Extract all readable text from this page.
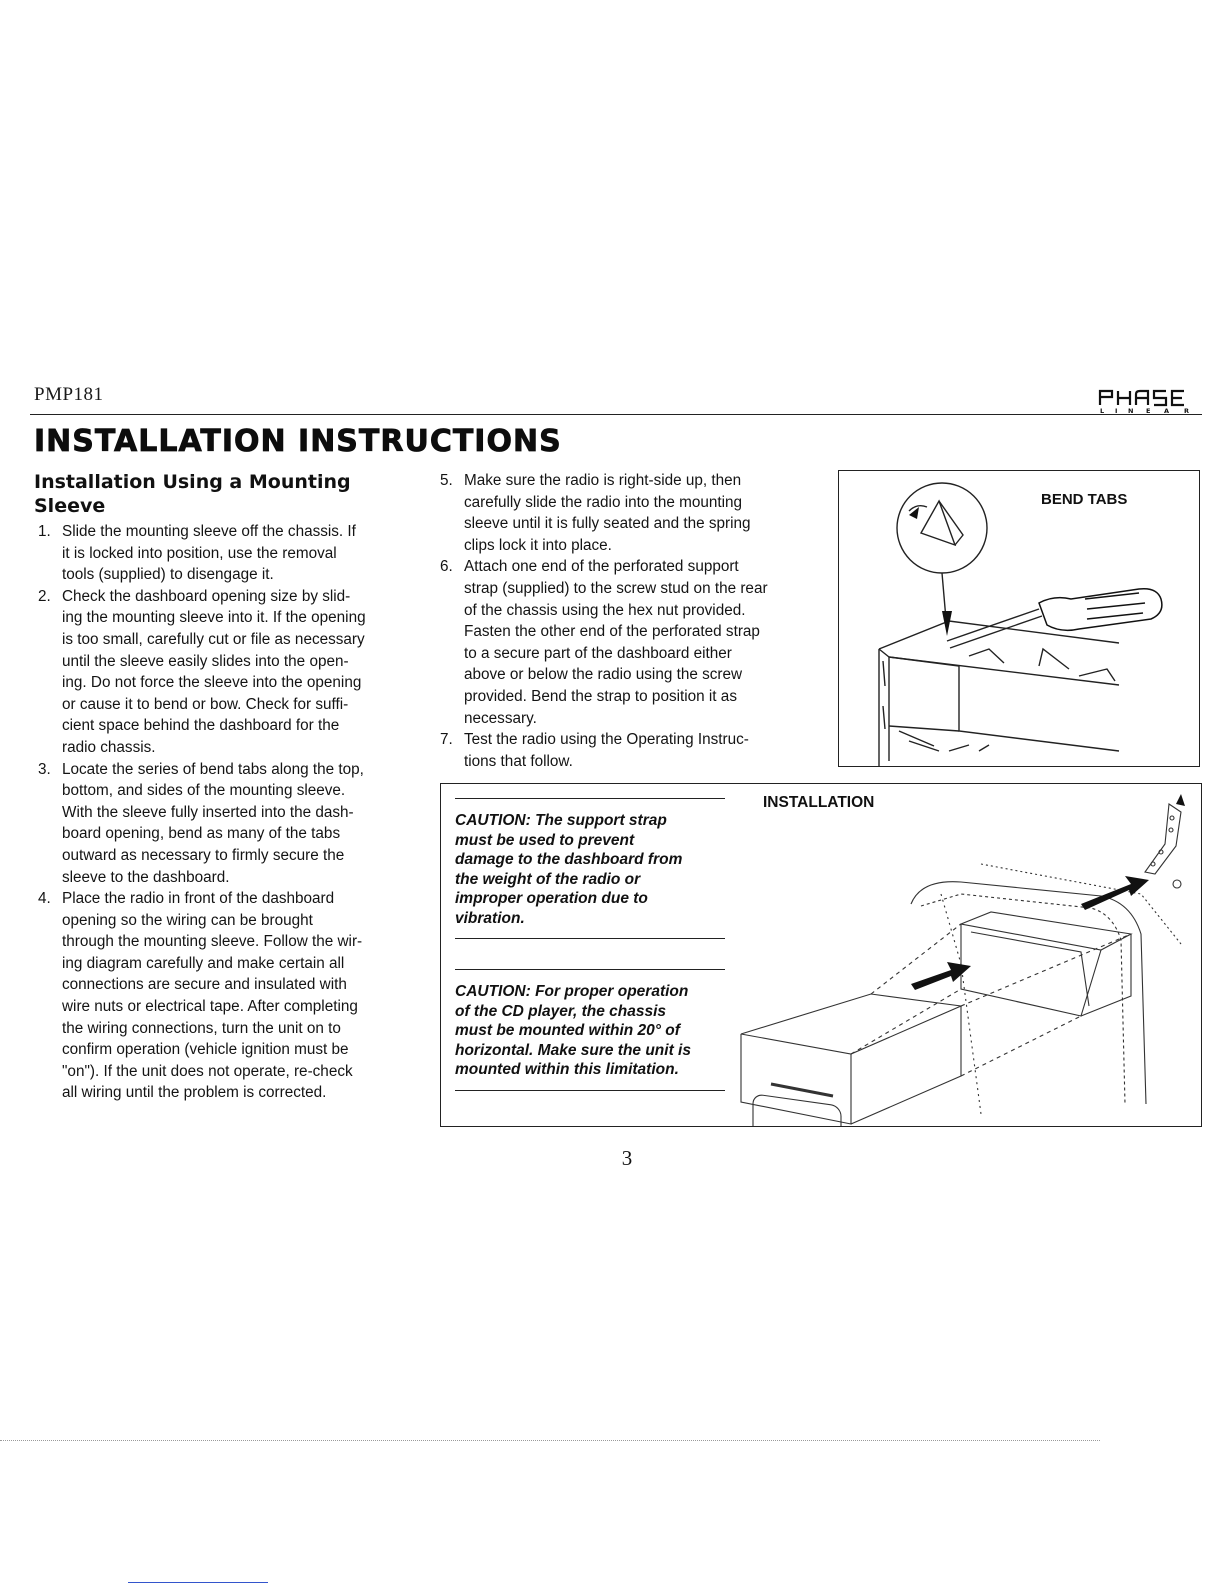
PMP181
L I N E A R
INSTALLATION INSTRUCTIONS
Installation Using a Mounting Sleeve
1. Slide the mounting sleeve off the chassis. If
it is locked into position, use the removal
tools (supplied) to disengage it.
2. Check the dashboard opening size by slid-
ing the mounting sleeve into it. If the opening
is too small, carefully cut or file as necessary
until the sleeve easily slides into the open-
ing. Do not force the sleeve into the opening
or cause it to bend or bow. Check for suffi-
cient space behind the dashboard for the
radio chassis.
3. Locate the series of bend tabs along the top,
bottom, and sides of the mounting sleeve.
With the sleeve fully inserted into the dash-
board opening, bend as many of the tabs
outward as necessary to firmly secure the
sleeve to the dashboard.
4. Place the radio in front of the dashboard
opening so the wiring can be brought
through the mounting sleeve. Follow the wir-
ing diagram carefully and make certain all
connections are secure and insulated with
wire nuts or electrical tape. After completing
the wiring connections, turn the unit on to
confirm operation (vehicle ignition must be
"on"). If the unit does not operate, re-check
all wiring until the problem is corrected.
5. Make sure the radio is right-side up, then
carefully slide the radio into the mounting
sleeve until it is fully seated and the spring
clips lock it into place.
6. Attach one end of the perforated support
strap (supplied) to the screw stud on the rear
of the chassis using the hex nut provided.
Fasten the other end of the perforated strap
to a secure part of the dashboard either
above or below the radio using the screw
provided. Bend the strap to position it as
necessary.
7. Test the radio using the Operating Instruc-
tions that follow.
BEND TABS
CAUTION: The support strap
must be used to prevent
damage to the dashboard from
the weight of the radio or
improper operation due to
vibration.
CAUTION: For proper operation
of the CD player, the chassis
must be mounted within 20° of
horizontal. Make sure the unit is
mounted within this limitation.
INSTALLATION
3
